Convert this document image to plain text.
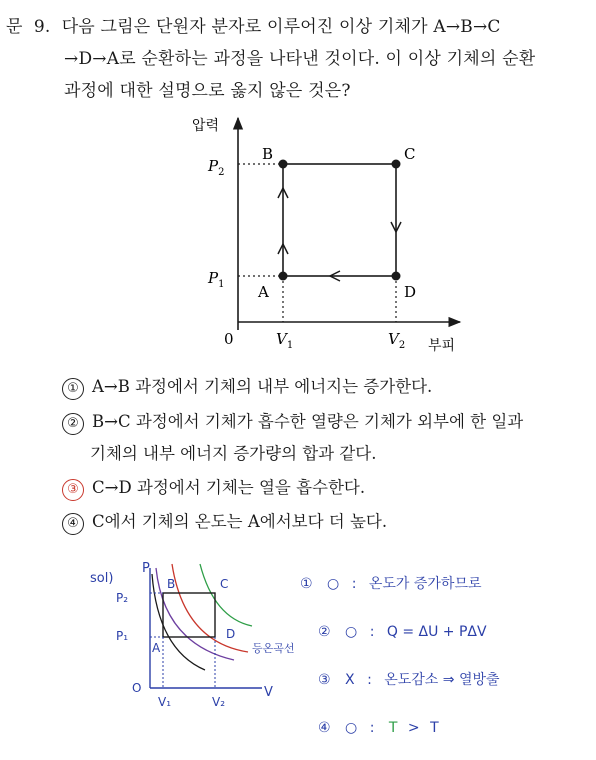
문 9. 다음 그림은 단원자 분자로 이루어진 이상 기체가 A→B→C
→D→A로 순환하는 과정을 나타낸 것이다. 이 이상 기체의 순환
과정에 대한 설명으로 옳지 않은 것은?
압력
부피
0
A
B	C
D
$P_2$
$P_1$
$V_1$	$V_2$
① A→B 과정에서 기체의 내부 에너지는 증가한다.
② B→C 과정에서 기체가 흡수한 열량은 기체가 외부에 한 일과
기체의 내부 에너지 증가량의 합과 같다.
③ C→D 과정에서 기체는 열을 흡수한다.
④ C에서 기체의 온도는 A에서보다 더 높다.
sol)
P
V
O
P₂
P₁
V₁	V₂
B	C
A
D
등온곡선
① ○ : 온도가 증가하므로
② ○ : Q = ΔU + PΔV
③ X : 온도감소 ⇒ 열방출
④ ○ : T > T
